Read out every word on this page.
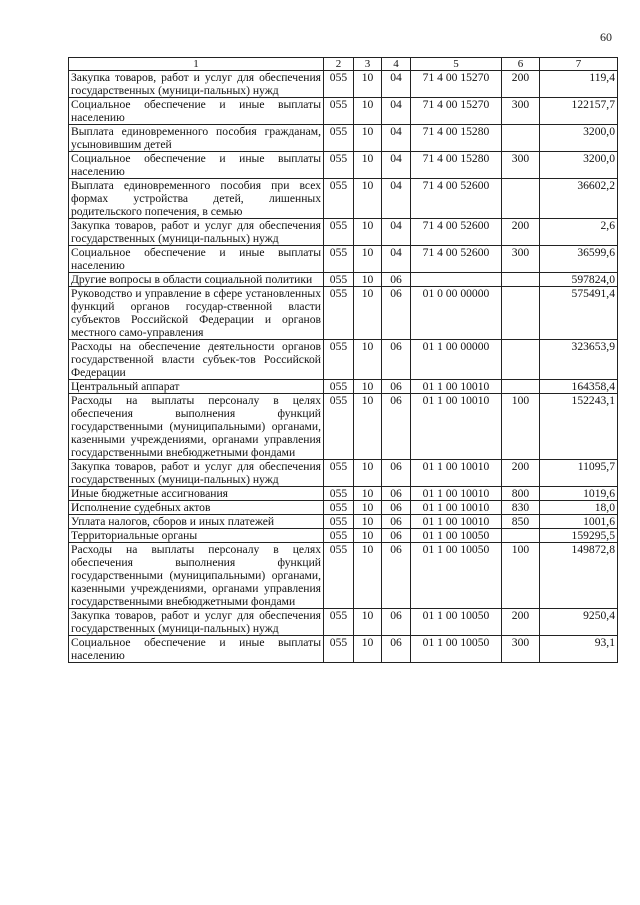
60
1	2	3	4	5	6	7
Закупка товаров, работ и услуг для обеспечения государственных (муници-пальных) нужд	055	10	04	71 4 00 15270	200	119,4
Социальное обеспечение и иные выплаты населению	055	10	04	71 4 00 15270	300	122157,7
Выплата единовременного пособия гражданам, усыновившим детей	055	10	04	71 4 00 15280		3200,0
Социальное обеспечение и иные выплаты населению	055	10	04	71 4 00 15280	300	3200,0
Выплата единовременного пособия при всех формах устройства детей, лишенных родительского попечения, в семью	055	10	04	71 4 00 52600		36602,2
Закупка товаров, работ и услуг для обеспечения государственных (муници-пальных) нужд	055	10	04	71 4 00 52600	200	2,6
Социальное обеспечение и иные выплаты населению	055	10	04	71 4 00 52600	300	36599,6
Другие вопросы в области социальной политики	055	10	06			597824,0
Руководство и управление в сфере установленных функций органов государ-ственной власти субъектов Российской Федерации и органов местного само-управления	055	10	06	01 0 00 00000		575491,4
Расходы на обеспечение деятельности органов государственной власти субъек-тов Российской Федерации	055	10	06	01 1 00 00000		323653,9
Центральный аппарат	055	10	06	01 1 00 10010		164358,4
Расходы на выплаты персоналу в целях обеспечения выполнения функций государственными (муниципальными) органами, казенными учреждениями, органами управления государственными внебюджетными фондами	055	10	06	01 1 00 10010	100	152243,1
Закупка товаров, работ и услуг для обеспечения государственных (муници-пальных) нужд	055	10	06	01 1 00 10010	200	11095,7
Иные бюджетные ассигнования	055	10	06	01 1 00 10010	800	1019,6
Исполнение судебных актов	055	10	06	01 1 00 10010	830	18,0
Уплата налогов, сборов и иных платежей	055	10	06	01 1 00 10010	850	1001,6
Территориальные органы	055	10	06	01 1 00 10050		159295,5
Расходы на выплаты персоналу в целях обеспечения выполнения функций государственными (муниципальными) органами, казенными учреждениями, органами управления государственными внебюджетными фондами	055	10	06	01 1 00 10050	100	149872,8
Закупка товаров, работ и услуг для обеспечения государственных (муници-пальных) нужд	055	10	06	01 1 00 10050	200	9250,4
Социальное обеспечение и иные выплаты населению	055	10	06	01 1 00 10050	300	93,1
